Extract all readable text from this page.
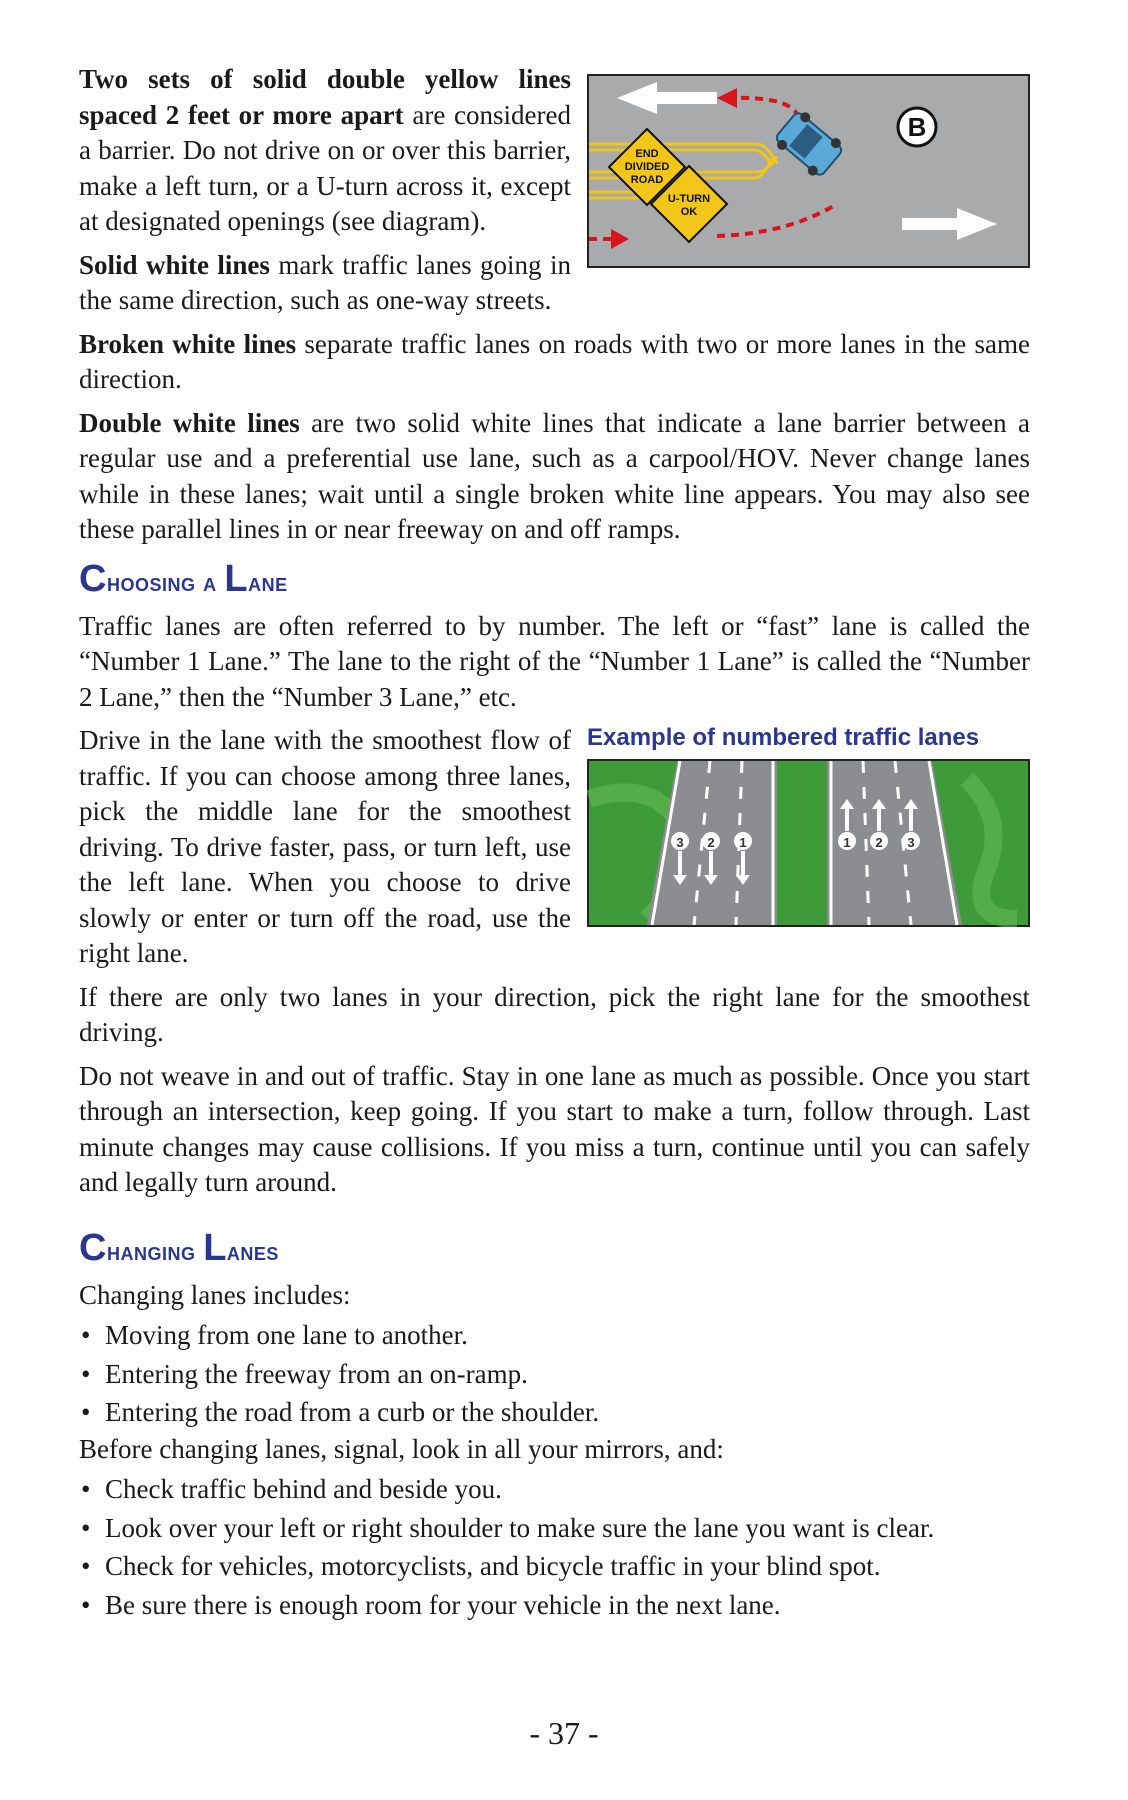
B
END
DIVIDED
ROAD
U-TURN
OK

Two sets of solid double yellow lines spaced 2 feet or more apart are considered a barrier. Do not drive on or over this barrier, make a left turn, or a U-turn across it, except at designated openings (see diagram).

Solid white lines mark traffic lanes going in the same direction, such as one-way streets.

Broken white lines separate traffic lanes on roads with two or more lanes in the same direction.

Double white lines are two solid white lines that indicate a lane barrier between a regular use and a preferential use lane, such as a carpool/HOV. Never change lanes while in these lanes; wait until a single broken white line appears. You may also see these parallel lines in or near freeway on and off ramps.

Choosing a Lane

Traffic lanes are often referred to by number. The left or “fast” lane is called the “Number 1 Lane.” The lane to the right of the “Number 1 Lane” is called the “Number 2 Lane,” then the “Number 3 Lane,” etc.

Example of numbered traffic lanes
3 2 1	1 2 3

Drive in the lane with the smoothest flow of traffic. If you can choose among three lanes, pick the middle lane for the smoothest driving. To drive faster, pass, or turn left, use the left lane. When you choose to drive slowly or enter or turn off the road, use the right lane.

If there are only two lanes in your direction, pick the right lane for the smoothest driving.

Do not weave in and out of traffic. Stay in one lane as much as possible. Once you start through an intersection, keep going. If you start to make a turn, follow through. Last minute changes may cause collisions. If you miss a turn, continue until you can safely and legally turn around.

Changing Lanes

Changing lanes includes:

• Moving from one lane to another.
• Entering the freeway from an on-ramp.
• Entering the road from a curb or the shoulder.

Before changing lanes, signal, look in all your mirrors, and:

• Check traffic behind and beside you.
• Look over your left or right shoulder to make sure the lane you want is clear.
• Check for vehicles, motorcyclists, and bicycle traffic in your blind spot.
• Be sure there is enough room for your vehicle in the next lane.
- 37 -
